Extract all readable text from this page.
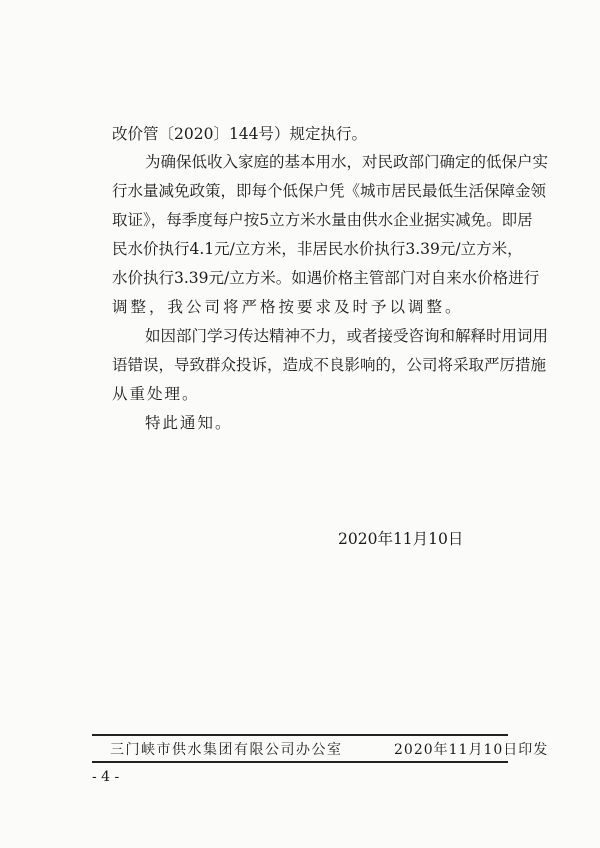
改价管〔2020〕144号）规定执行。
为确保低收入家庭的基本用水，对民政部门确定的低保户实
行水量减免政策，即每个低保户凭《城市居民最低生活保障金领
取证》，每季度每户按5立方米水量由供水企业据实减免。即居
民水价执行4.1元/立方米，非居民水价执行3.39元/立方米，
水价执行3.39元/立方米。如遇价格主管部门对自来水价格进行
调整，我公司将严格按要求及时予以调整。
如因部门学习传达精神不力，或者接受咨询和解释时用词用
语错误，导致群众投诉，造成不良影响的，公司将采取严厉措施
从重处理。
特此通知。
2020年11月10日
三门峡市供水集团有限公司办公室	2020年11月10日印发
- 4 -
